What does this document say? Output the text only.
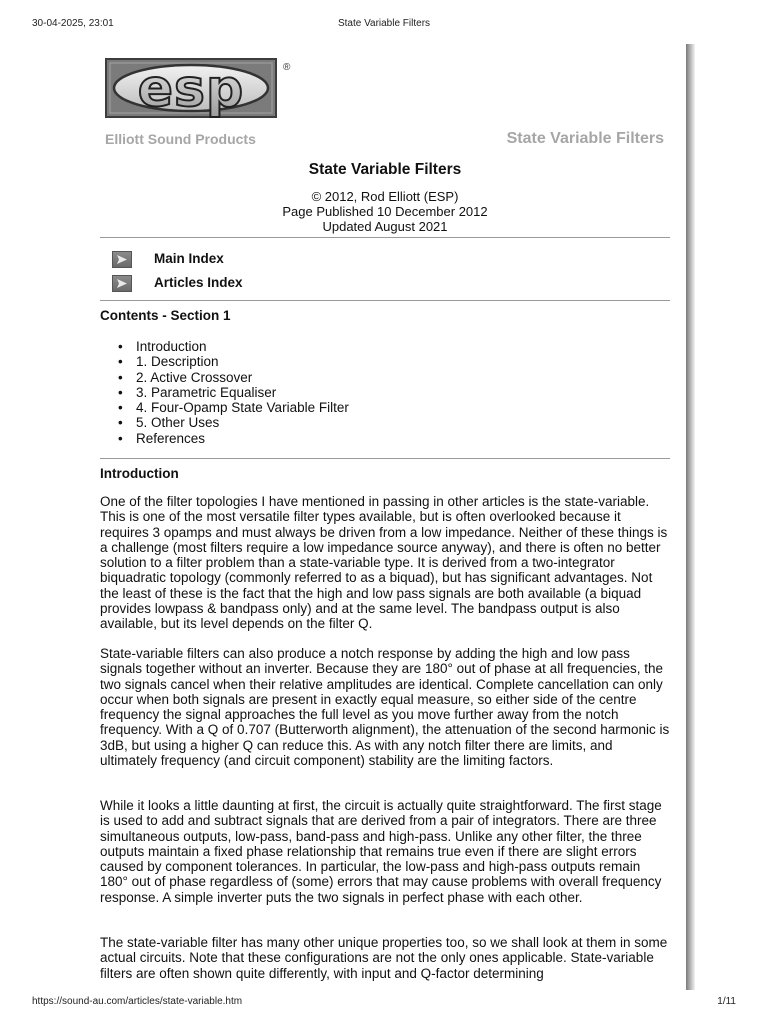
30-04-2025, 23:01	State Variable Filters
esp	®
Elliott Sound Products	State Variable Filters
State Variable Filters
© 2012, Rod Elliott (ESP)
Page Published 10 December 2012
Updated August 2021
Main Index
Articles Index
Contents - Section 1
• Introduction
• 1. Description
• 2. Active Crossover
• 3. Parametric Equaliser
• 4. Four-Opamp State Variable Filter
• 5. Other Uses
• References
Introduction

One of the filter topologies I have mentioned in passing in other articles is the state-variable. This is one of the most versatile filter types available, but is often overlooked because it requires 3 opamps and must always be driven from a low impedance. Neither of these things is a challenge (most filters require a low impedance source anyway), and there is often no better solution to a filter problem than a state-variable type. It is derived from a two-integrator biquadratic topology (commonly referred to as a biquad), but has significant advantages. Not the least of these is the fact that the high and low pass signals are both available (a biquad provides lowpass & bandpass only) and at the same level. The bandpass output is also available, but its level depends on the filter Q.

State-variable filters can also produce a notch response by adding the high and low pass signals together without an inverter. Because they are 180° out of phase at all frequencies, the two signals cancel when their relative amplitudes are identical. Complete cancellation can only occur when both signals are present in exactly equal measure, so either side of the centre frequency the signal approaches the full level as you move further away from the notch frequency. With a Q of 0.707 (Butterworth alignment), the attenuation of the second harmonic is 3dB, but using a higher Q can reduce this. As with any notch filter there are limits, and ultimately frequency (and circuit component) stability are the limiting factors.

While it looks a little daunting at first, the circuit is actually quite straightforward. The first stage is used to add and subtract signals that are derived from a pair of integrators. There are three simultaneous outputs, low-pass, band-pass and high-pass. Unlike any other filter, the three outputs maintain a fixed phase relationship that remains true even if there are slight errors caused by component tolerances. In particular, the low-pass and high-pass outputs remain 180° out of phase regardless of (some) errors that may cause problems with overall frequency response. A simple inverter puts the two signals in perfect phase with each other.

The state-variable filter has many other unique properties too, so we shall look at them in some actual circuits. Note that these configurations are not the only ones applicable. State-variable filters are often shown quite differently, with input and Q-factor determining

https://sound-au.com/articles/state-variable.htm	1/11
